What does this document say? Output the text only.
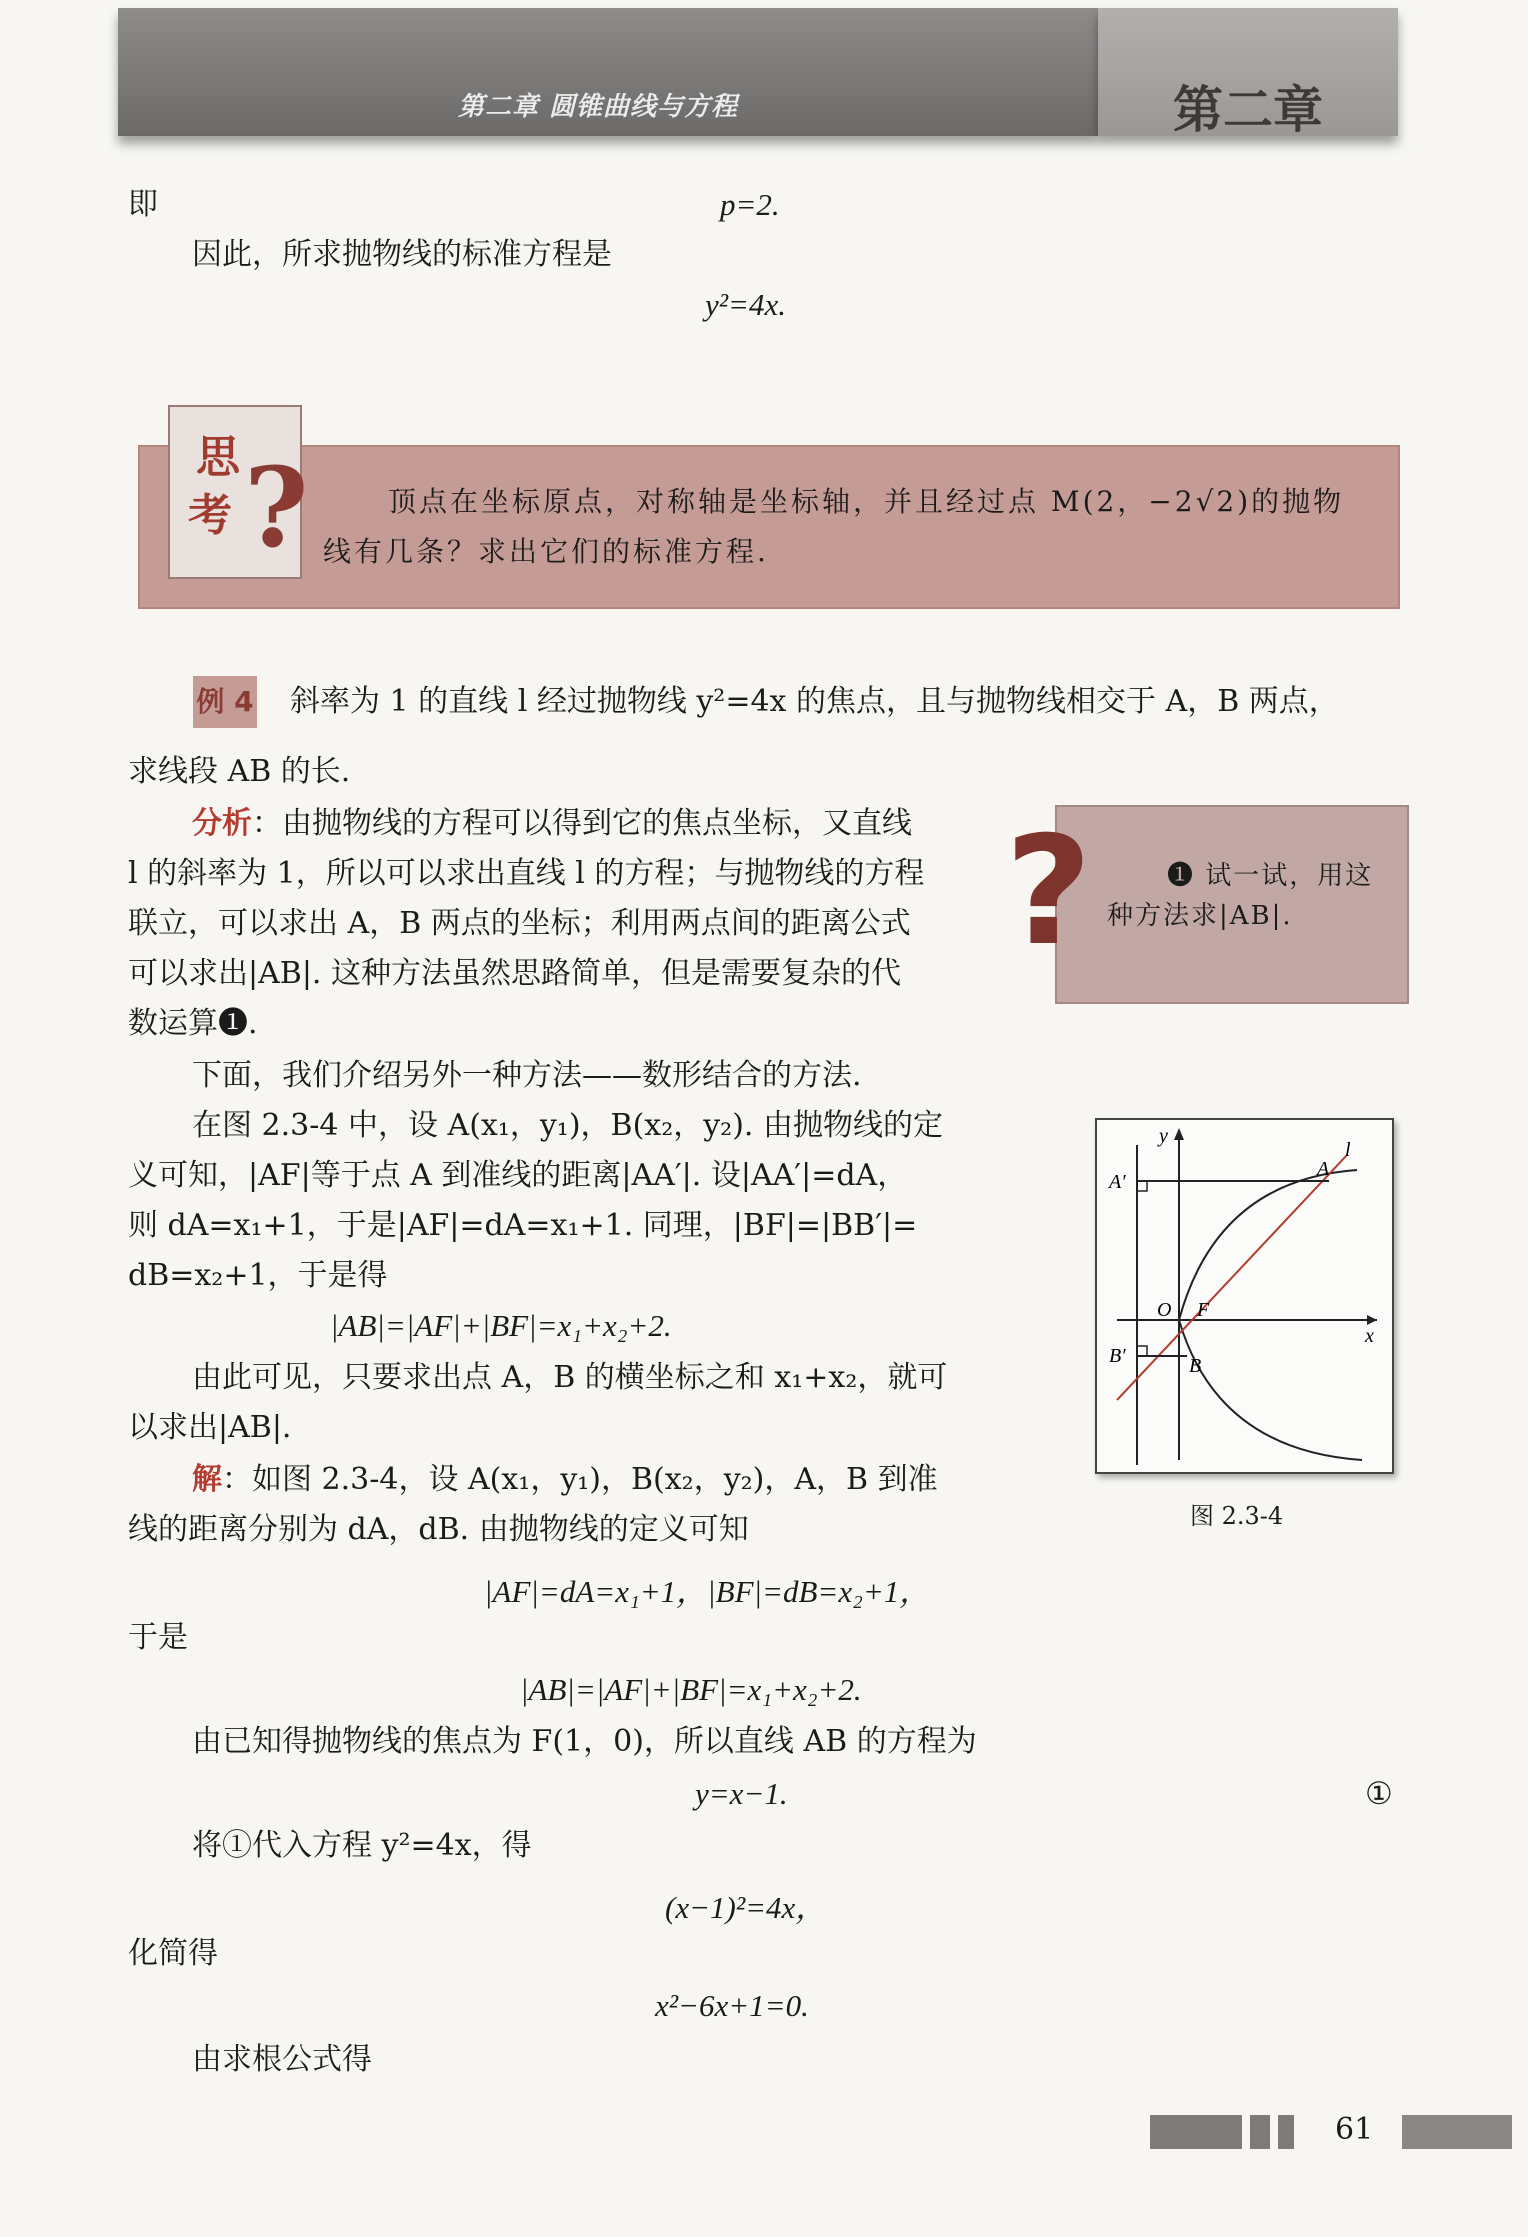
第二章 圆锥曲线与方程	第二章
即	p=2.
因此，所求抛物线的标准方程是
y²=4x.
思
考 ?	顶点在坐标原点，对称轴是坐标轴，并且经过点 M(2，−2√2)的抛物
线有几条？求出它们的标准方程.
例 4 斜率为 1 的直线 l 经过抛物线 y²=4x 的焦点，且与抛物线相交于 A，B 两点，
求线段 AB 的长.
分析：由抛物线的方程可以得到它的焦点坐标，又直线
l 的斜率为 1，所以可以求出直线 l 的方程；与抛物线的方程
联立，可以求出 A，B 两点的坐标；利用两点间的距离公式
可以求出|AB|. 这种方法虽然思路简单，但是需要复杂的代
数运算❶.
下面，我们介绍另外一种方法——数形结合的方法.
在图 2.3-4 中，设 A(x₁，y₁)，B(x₂，y₂). 由抛物线的定
义可知，|AF|等于点 A 到准线的距离|AA′|. 设|AA′|=dA，
则 dA=x₁+1，于是|AF|=dA=x₁+1. 同理，|BF|=|BB′|=
dB=x₂+1，于是得
|AB|=|AF|+|BF|=x₁+x₂+2.
由此可见，只要求出点 A，B 的横坐标之和 x₁+x₂，就可
以求出|AB|.
?	❶ 试一试，用这
种方法求|AB|.
y
x
O F
A
B
A′
B′
l
图 2.3-4
解：如图 2.3-4，设 A(x₁，y₁)，B(x₂，y₂)，A，B 到准
线的距离分别为 dA，dB. 由抛物线的定义可知
|AF|=dA=x₁+1，|BF|=dB=x₂+1，
于是
|AB|=|AF|+|BF|=x₁+x₂+2.
由已知得抛物线的焦点为 F(1，0)，所以直线 AB 的方程为
y=x−1.	①
将①代入方程 y²=4x，得
(x−1)²=4x，
化简得
x²−6x+1=0.
由求根公式得
61
